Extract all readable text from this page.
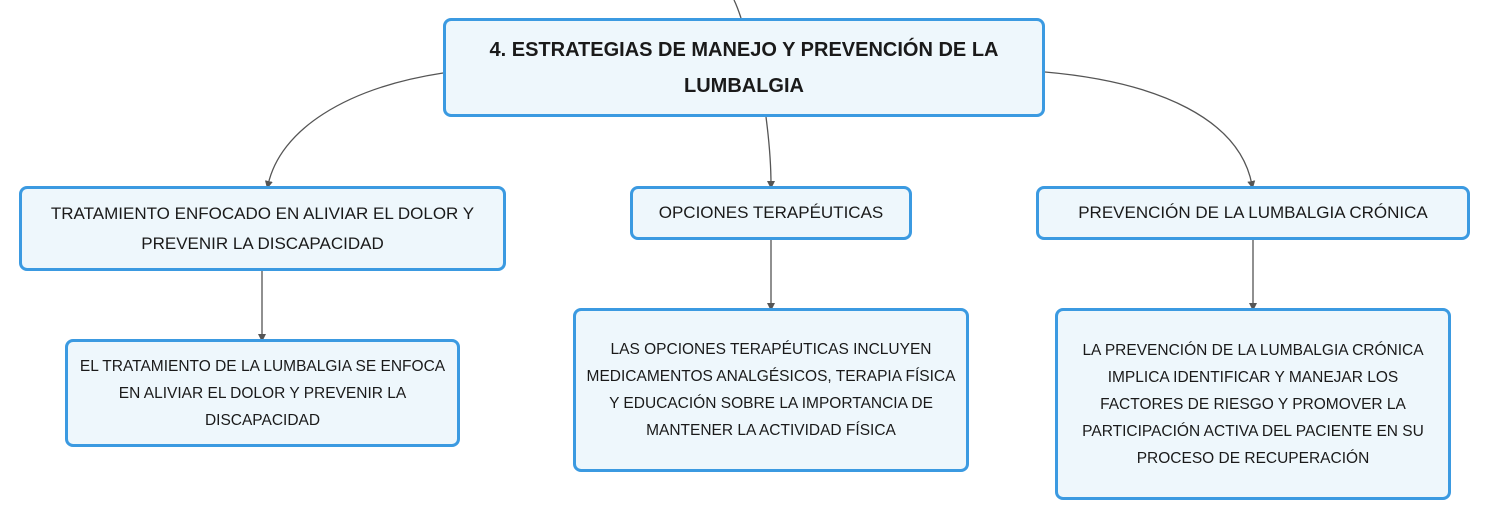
4. ESTRATEGIAS DE MANEJO Y PREVENCIÓN DE LA LUMBALGIA
TRATAMIENTO ENFOCADO EN ALIVIAR EL DOLOR Y PREVENIR LA DISCAPACIDAD
OPCIONES TERAPÉUTICAS	PREVENCIÓN DE LA LUMBALGIA CRÓNICA
EL TRATAMIENTO DE LA LUMBALGIA SE ENFOCA EN ALIVIAR EL DOLOR Y PREVENIR LA DISCAPACIDAD
LAS OPCIONES TERAPÉUTICAS INCLUYEN MEDICAMENTOS ANALGÉSICOS, TERAPIA FÍSICA Y EDUCACIÓN SOBRE LA IMPORTANCIA DE MANTENER LA ACTIVIDAD FÍSICA
LA PREVENCIÓN DE LA LUMBALGIA CRÓNICA IMPLICA IDENTIFICAR Y MANEJAR LOS FACTORES DE RIESGO Y PROMOVER LA PARTICIPACIÓN ACTIVA DEL PACIENTE EN SU PROCESO DE RECUPERACIÓN
